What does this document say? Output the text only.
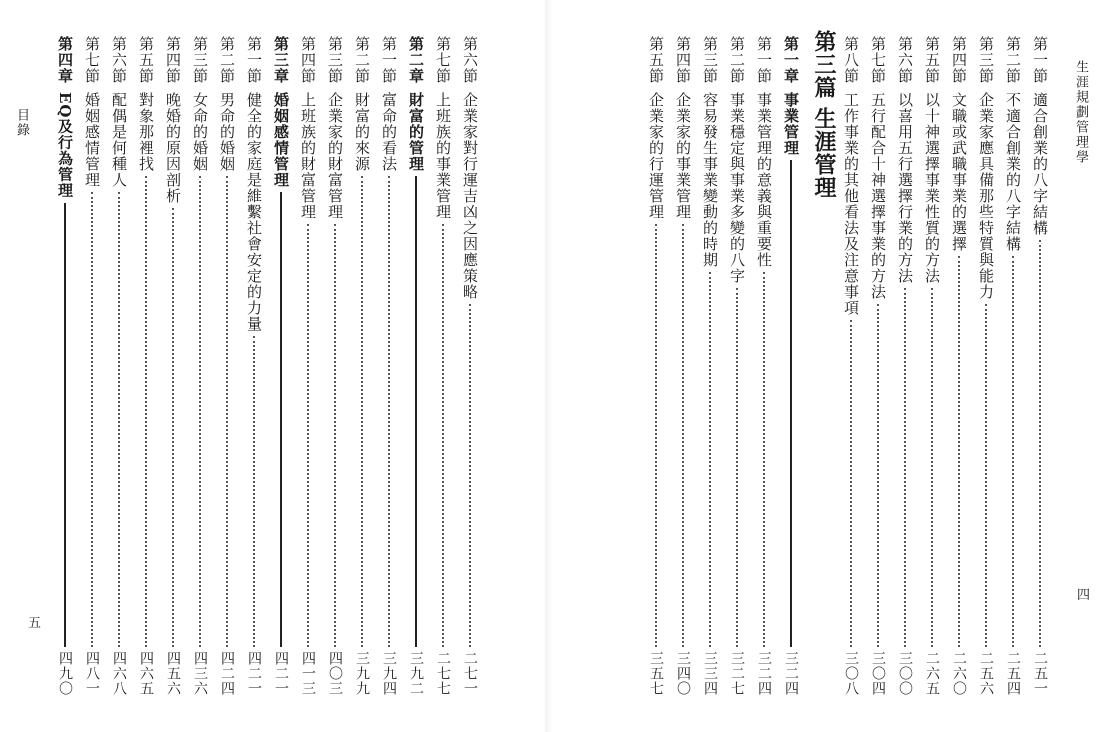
目錄
五
第六節
企業家對行運吉凶之因應策略
二七一
第七節
上班族的事業管理
二七七
第二章
財富的管理
三九二
第一節
富命的看法
三九四
第二節
財富的來源
三九九
第三節
企業家的財富管理
四〇三
第四節
上班族的財富管理
四一三
第三章
婚姻感情管理
四二一
第一節
健全的家庭是維繫社會安定的力量
四二一
第二節
男命的婚姻
四二四
第三節
女命的婚姻
四三六
第四節
晚婚的原因剖析
四五六
第五節
對象那裡找
四六五
第六節
配偶是何種人
四六八
第七節
婚姻感情管理
四八一
第四章
EQ及行為管理
四九〇
生涯規劃管理學
四
第一節
適合創業的八字結構
二五一
第二節
不適合創業的八字結構
二五四
第三節
企業家應具備那些特質與能力
二五六
第四節
文職或武職事業的選擇
二六〇
第五節
以十神選擇事業性質的方法
二六五
第六節
以喜用五行選擇行業的方法
三〇〇
第七節
五行配合十神選擇事業的方法
三〇四
第八節
工作事業的其他看法及注意事項
三〇八
第三篇
生涯管理
第一章
事業管理
三二四
第一節
事業管理的意義與重要性
三二四
第二節
事業穩定與事業多變的八字
三二七
第三節
容易發生事業變動的時期
三三四
第四節
企業家的事業管理
三四〇
第五節
企業家的行運管理
三五七
